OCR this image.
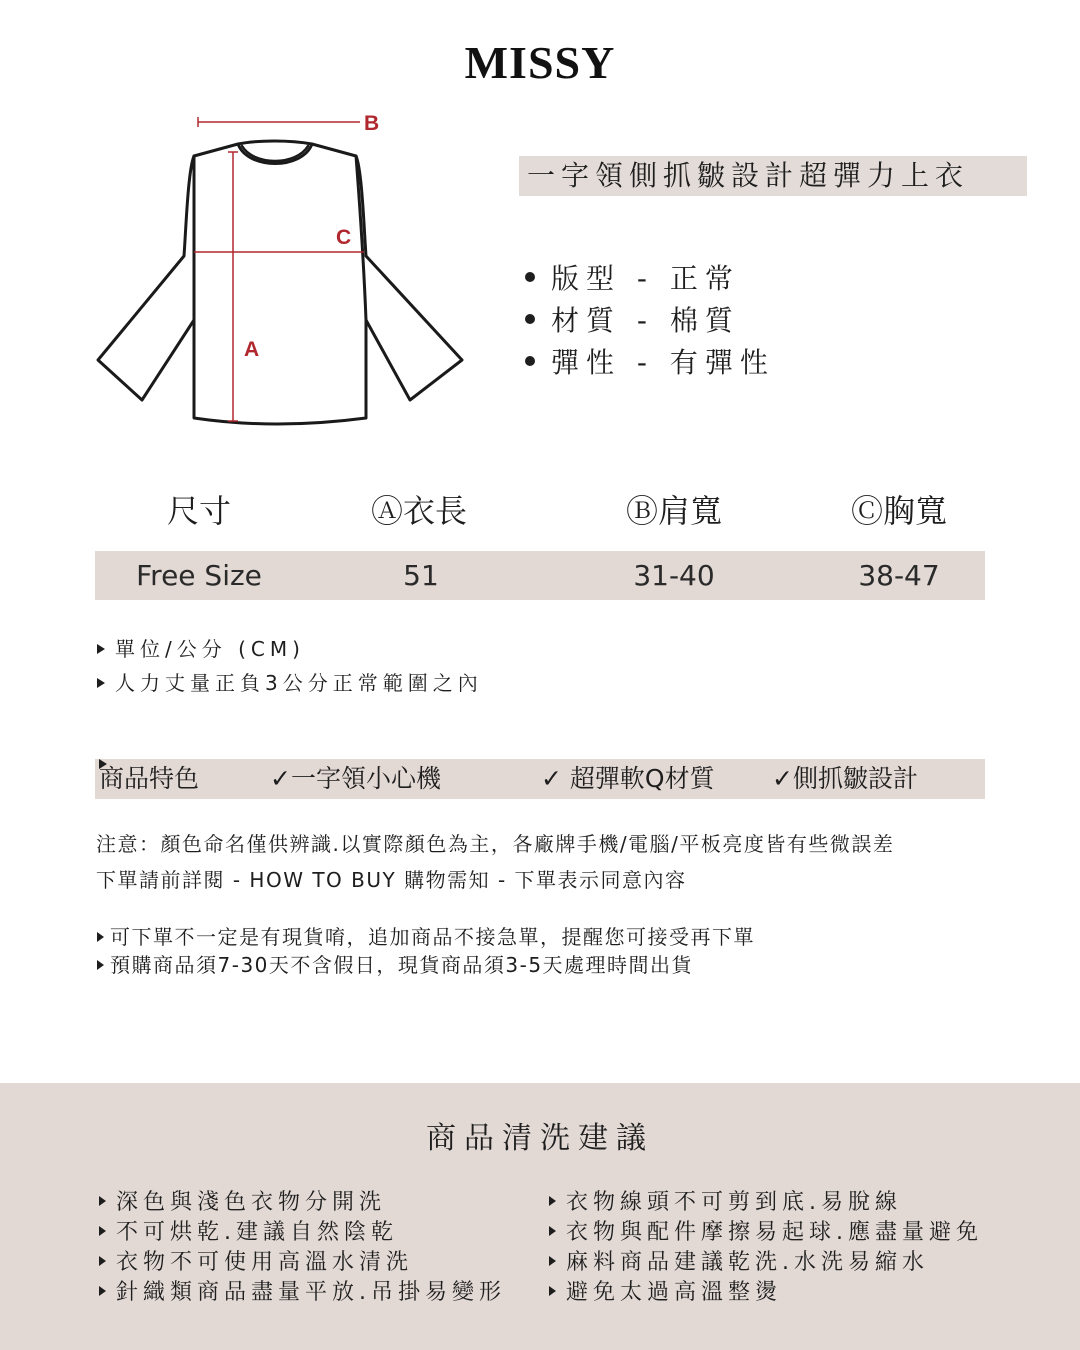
MISSY
B
C
A
一字領側抓皺設計超彈力上衣
版型 - 正常
材質 - 棉質
彈性 - 有彈性
尺寸	Ⓐ衣長	Ⓑ肩寬	Ⓒ胸寬
Free Size	51	31-40	38-47
單位/公分 (CM)
人力丈量正負3公分正常範圍之內
商品特色	✓一字領小心機	✓ 超彈軟Q材質 ✓側抓皺設計
注意：顏色命名僅供辨識.以實際顏色為主，各廠牌手機/電腦/平板亮度皆有些微誤差
下單請前詳閱 - HOW TO BUY 購物需知 - 下單表示同意內容
可下單不一定是有現貨唷，追加商品不接急單，提醒您可接受再下單
預購商品須7-30天不含假日，現貨商品須3-5天處理時間出貨
商品清洗建議
深色與淺色衣物分開洗
不可烘乾.建議自然陰乾
衣物不可使用高溫水清洗
針織類商品盡量平放.吊掛易變形
衣物線頭不可剪到底.易脫線
衣物與配件摩擦易起球.應盡量避免
麻料商品建議乾洗.水洗易縮水
避免太過高溫整燙
